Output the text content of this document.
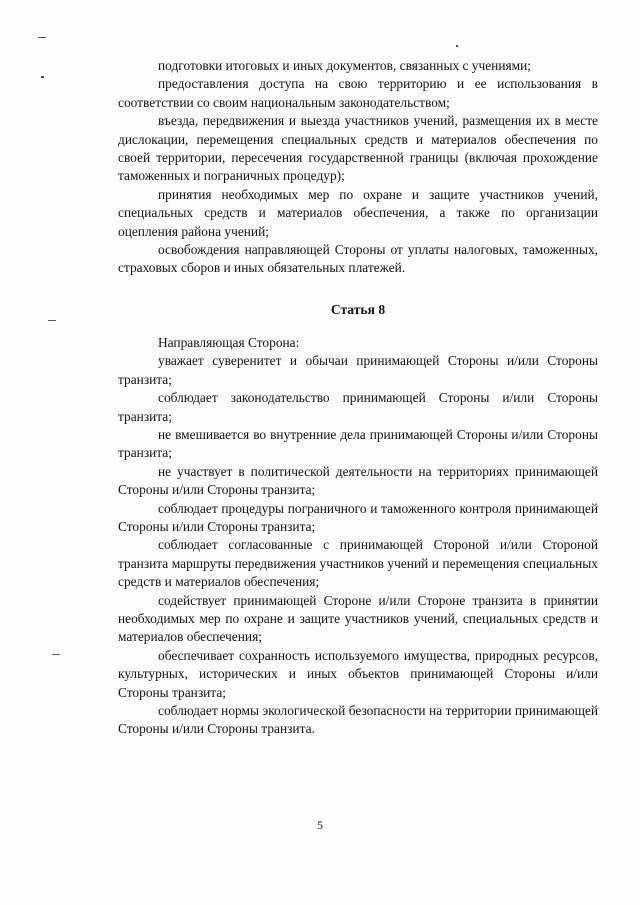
подготовки итоговых и иных документов, связанных с учениями;

предоставления доступа на свою территорию и ее использования в соответствии со своим национальным законодательством;

въезда, передвижения и выезда участников учений, размещения их в месте дислокации, перемещения специальных средств и материалов обеспечения по своей территории, пересечения государственной границы (включая прохождение таможенных и пограничных процедур);

принятия необходимых мер по охране и защите участников учений, специальных средств и материалов обеспечения, а также по организации оцепления района учений;

освобождения направляющей Стороны от уплаты налоговых, таможенных, страховых сборов и иных обязательных платежей.

Статья 8

Направляющая Сторона:

уважает суверенитет и обычаи принимающей Стороны и/или Стороны транзита;

соблюдает законодательство принимающей Стороны и/или Стороны транзита;

не вмешивается во внутренние дела принимающей Стороны и/или Стороны транзита;

не участвует в политической деятельности на территориях принимающей Стороны и/или Стороны транзита;

соблюдает процедуры пограничного и таможенного контроля принимающей Стороны и/или Стороны транзита;

соблюдает согласованные с принимающей Стороной и/или Стороной транзита маршруты передвижения участников учений и перемещения специальных средств и материалов обеспечения;

содействует принимающей Стороне и/или Стороне транзита в принятии необходимых мер по охране и защите участников учений, специальных средств и материалов обеспечения;

обеспечивает сохранность используемого имущества, природных ресурсов, культурных, исторических и иных объектов принимающей Стороны и/или Стороны транзита;

соблюдает нормы экологической безопасности на территории принимающей Стороны и/или Стороны транзита.

5
